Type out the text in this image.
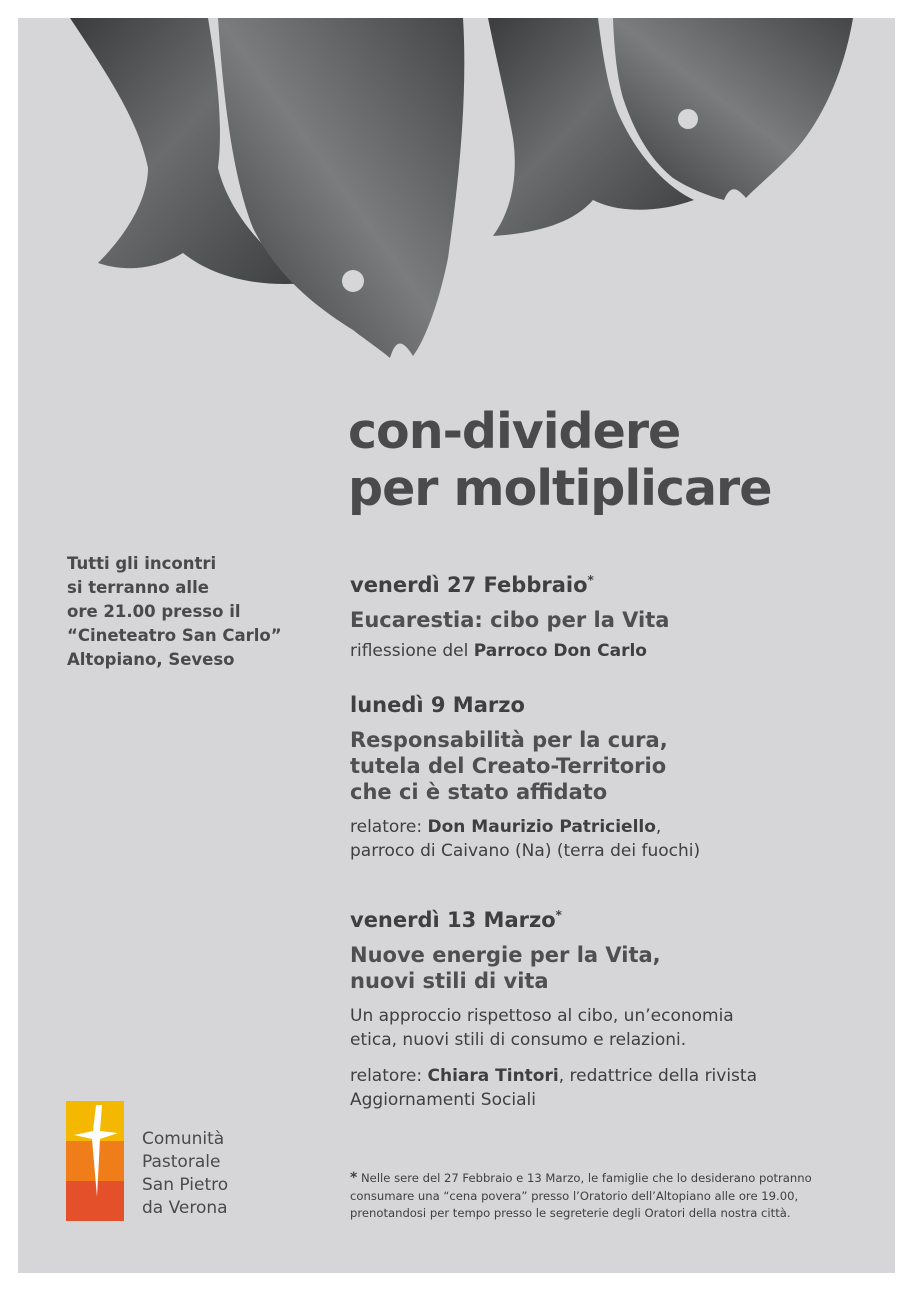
con-dividere
per moltiplicare
Tutti gli incontri
si terranno alle
ore 21.00 presso il
“Cineteatro San Carlo”
Altopiano, Seveso
venerdì 27 Febbraio*
Eucarestia: cibo per la Vita
riflessione del Parroco Don Carlo
lunedì 9 Marzo
Responsabilità per la cura,
tutela del Creato-Territorio
che ci è stato affidato
relatore: Don Maurizio Patriciello,
parroco di Caivano (Na) (terra dei fuochi)
venerdì 13 Marzo*
Nuove energie per la Vita,
nuovi stili di vita
Un approccio rispettoso al cibo, un’economia
etica, nuovi stili di consumo e relazioni.
relatore: Chiara Tintori, redattrice della rivista
Aggiornamenti Sociali
Comunità
Pastorale
San Pietro
da Verona
* Nelle sere del 27 Febbraio e 13 Marzo, le famiglie che lo desiderano potranno
consumare una “cena povera” presso l’Oratorio dell’Altopiano alle ore 19.00,
prenotandosi per tempo presso le segreterie degli Oratori della nostra città.
